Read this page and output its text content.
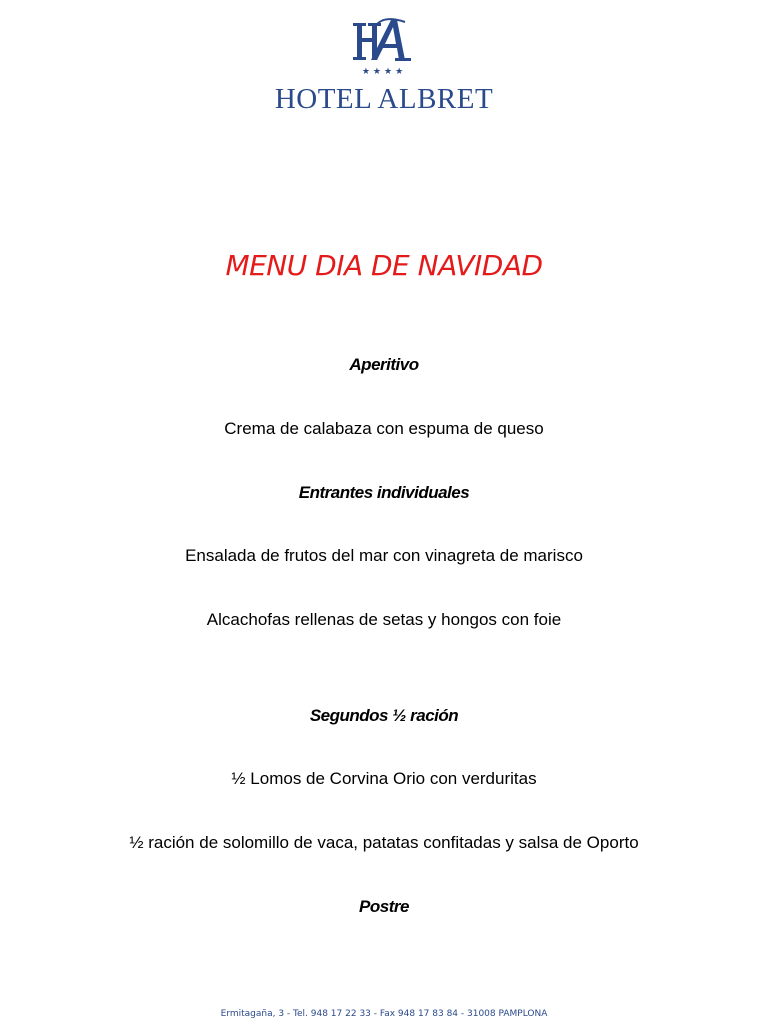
★★★★
HOTEL ALBRET
MENU DIA DE NAVIDAD
Aperitivo
Crema de calabaza con espuma de queso
Entrantes individuales
Ensalada de frutos del mar con vinagreta de marisco
Alcachofas rellenas de setas y hongos con foie
Segundos ½ ración
½ Lomos de Corvina Orio con verduritas
½ ración de solomillo de vaca, patatas confitadas y salsa de Oporto
Postre
Ermitagaña, 3 - Tel. 948 17 22 33 - Fax 948 17 83 84 - 31008 PAMPLONA
